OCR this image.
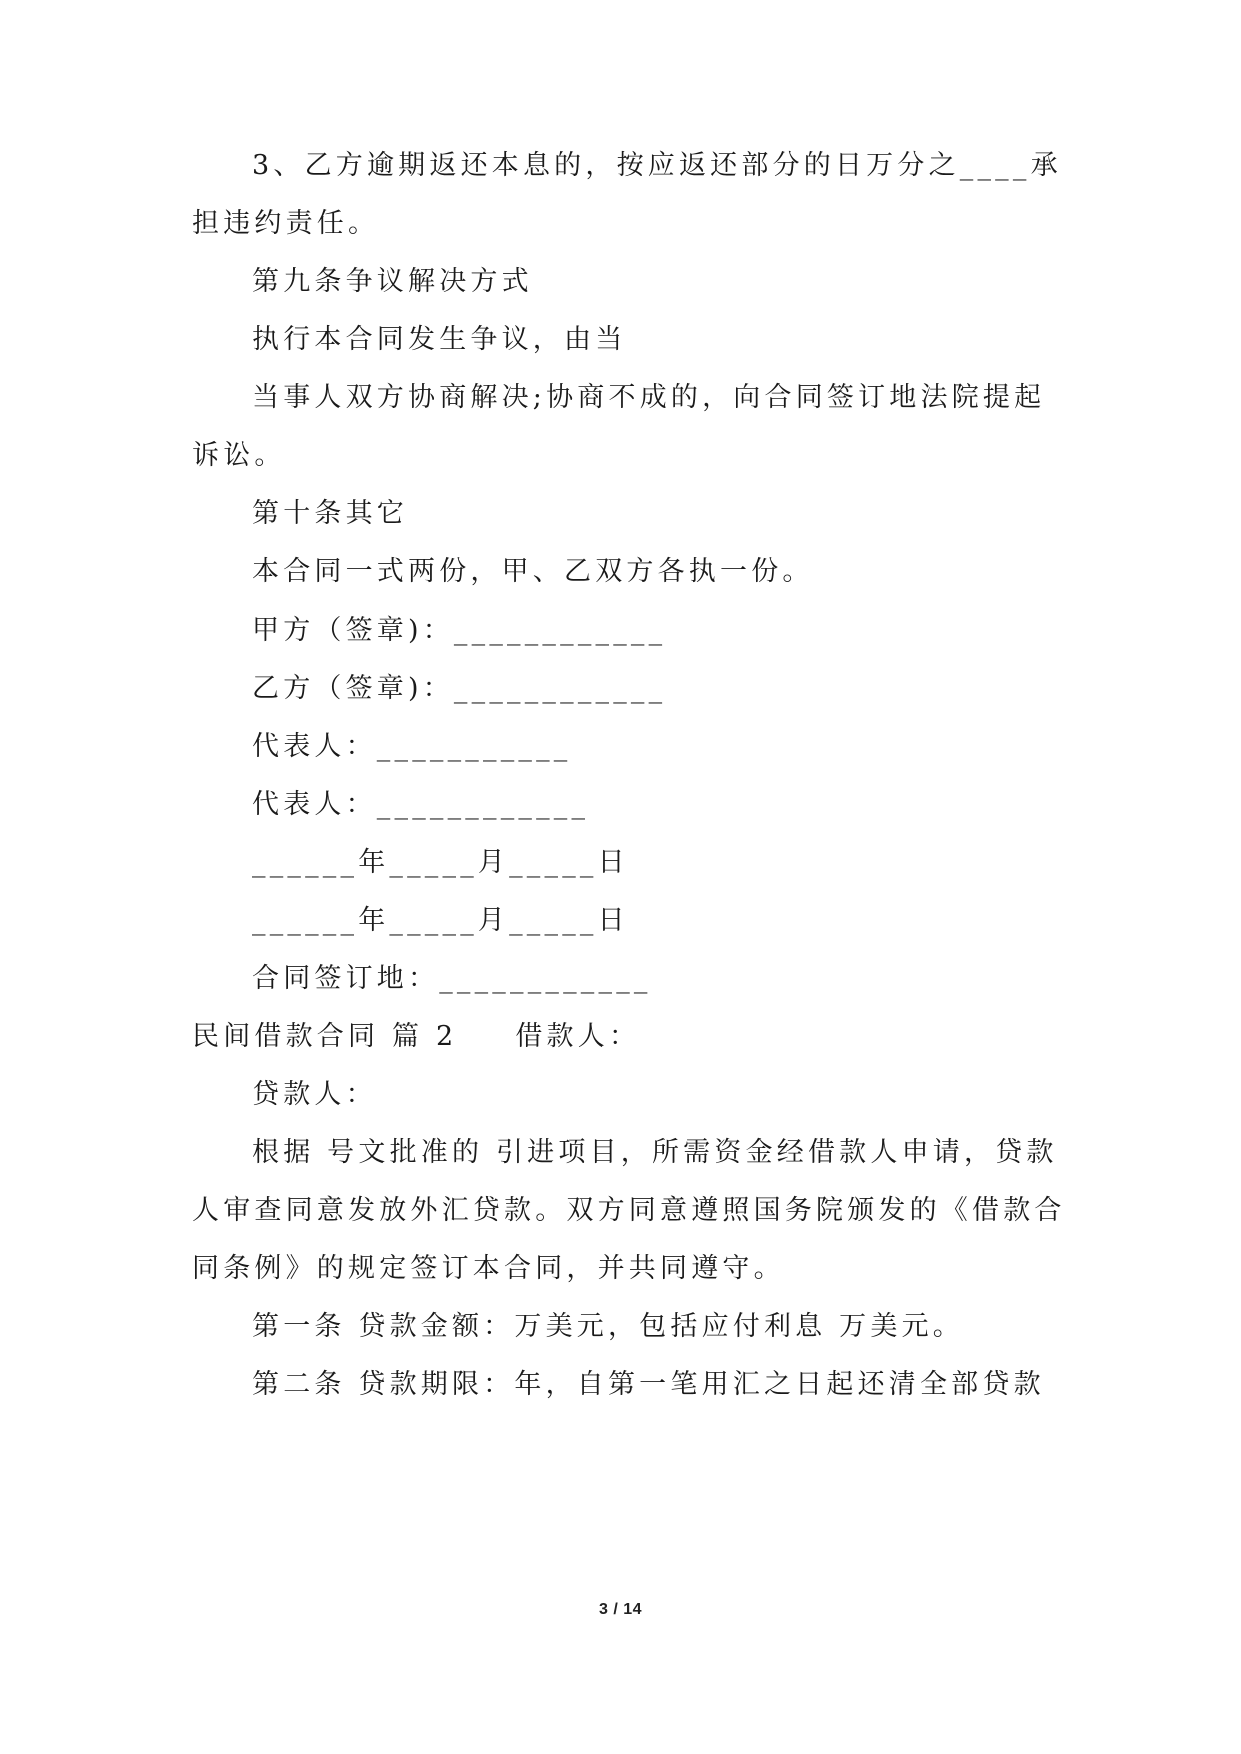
3、乙方逾期返还本息的，按应返还部分的日万分之____承
担违约责任。
第九条争议解决方式
执行本合同发生争议，由当
当事人双方协商解决;协商不成的，向合同签订地法院提起
诉讼。
第十条其它
本合同一式两份，甲、乙双方各执一份。
甲方（签章)：____________
乙方（签章)：____________
代表人：___________
代表人：____________
______年_____月_____日
______年_____月_____日
合同签订地：____________
民间借款合同 篇 2 借款人：
贷款人：
根据 号文批准的 引进项目，所需资金经借款人申请，贷款
人审查同意发放外汇贷款。双方同意遵照国务院颁发的《借款合
同条例》的规定签订本合同，并共同遵守。
第一条 贷款金额：万美元，包括应付利息 万美元。
第二条 贷款期限：年，自第一笔用汇之日起还清全部贷款
3 / 14
